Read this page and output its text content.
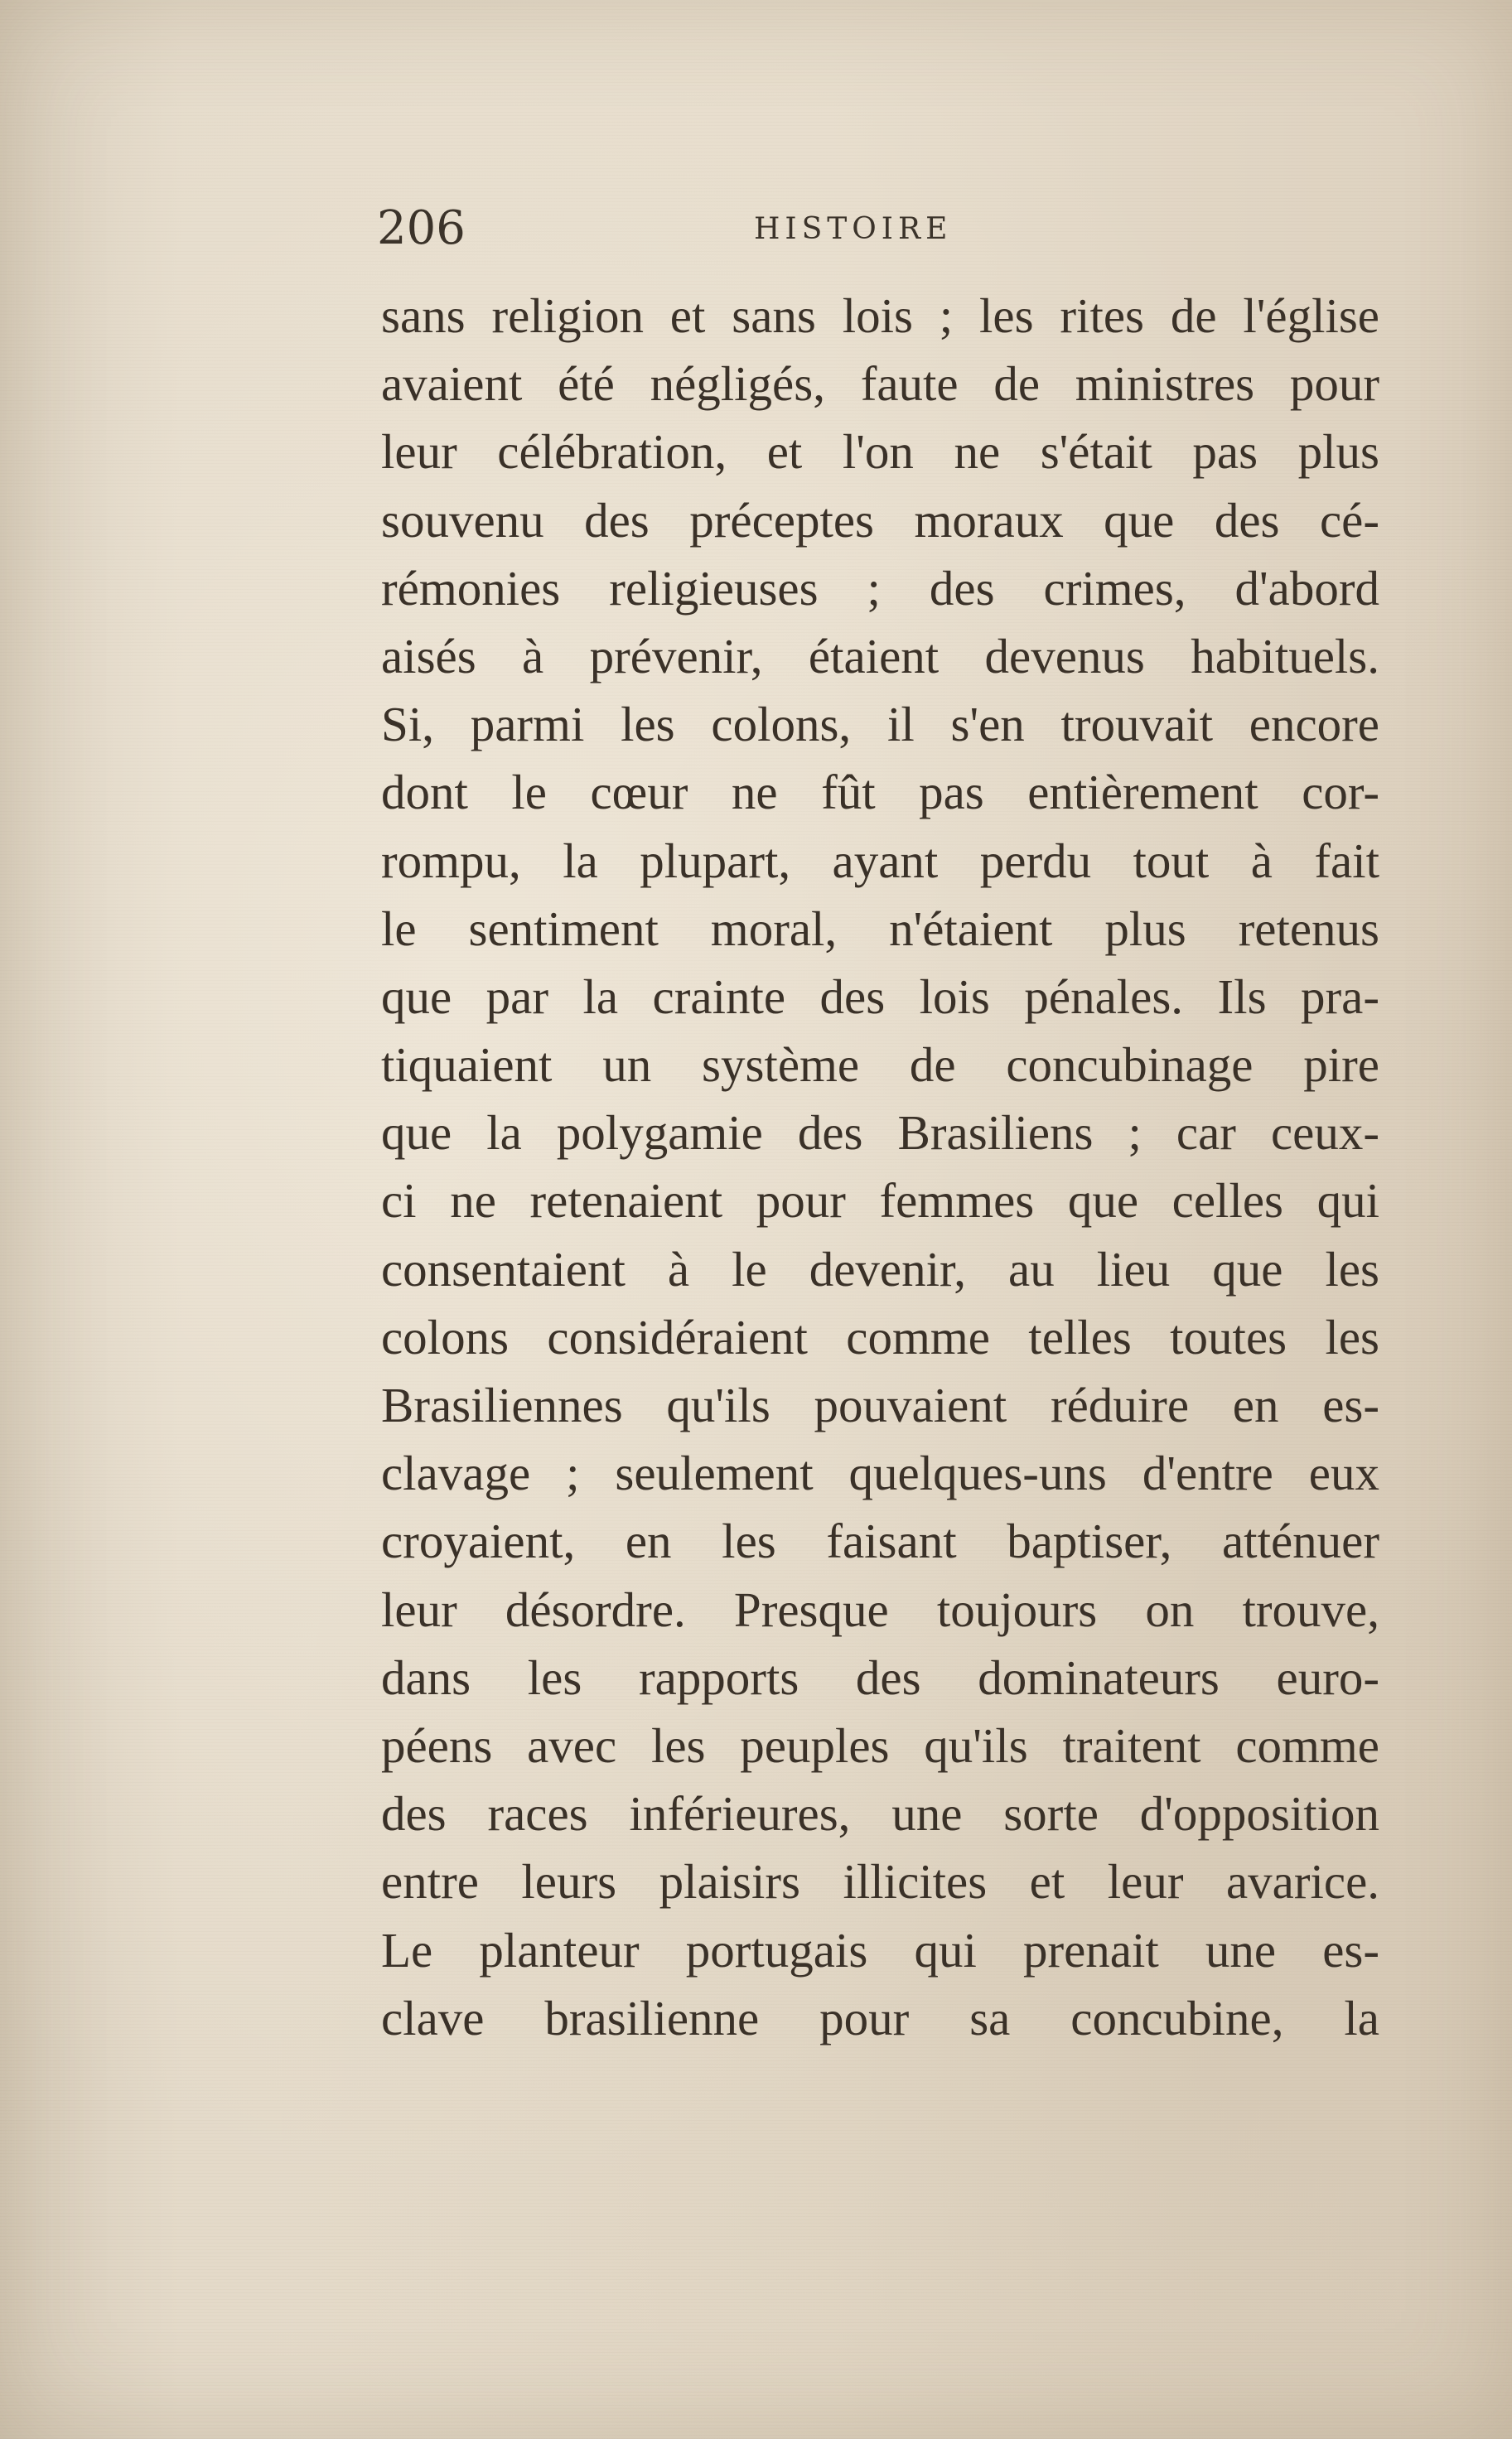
206	HISTOIRE
sans religion et sans lois ; les rites de l'église
avaient été négligés, faute de ministres pour
leur célébration, et l'on ne s'était pas plus
souvenu des préceptes moraux que des cé-
rémonies religieuses ; des crimes, d'abord
aisés à prévenir, étaient devenus habituels.
Si, parmi les colons, il s'en trouvait encore
dont le cœur ne fût pas entièrement cor-
rompu, la plupart, ayant perdu tout à fait
le sentiment moral, n'étaient plus retenus
que par la crainte des lois pénales. Ils pra-
tiquaient un système de concubinage pire
que la polygamie des Brasiliens ; car ceux-
ci ne retenaient pour femmes que celles qui
consentaient à le devenir, au lieu que les
colons considéraient comme telles toutes les
Brasiliennes qu'ils pouvaient réduire en es-
clavage ; seulement quelques-uns d'entre eux
croyaient, en les faisant baptiser, atténuer
leur désordre. Presque toujours on trouve,
dans les rapports des dominateurs euro-
péens avec les peuples qu'ils traitent comme
des races inférieures, une sorte d'opposition
entre leurs plaisirs illicites et leur avarice.
Le planteur portugais qui prenait une es-
clave brasilienne pour sa concubine, la
